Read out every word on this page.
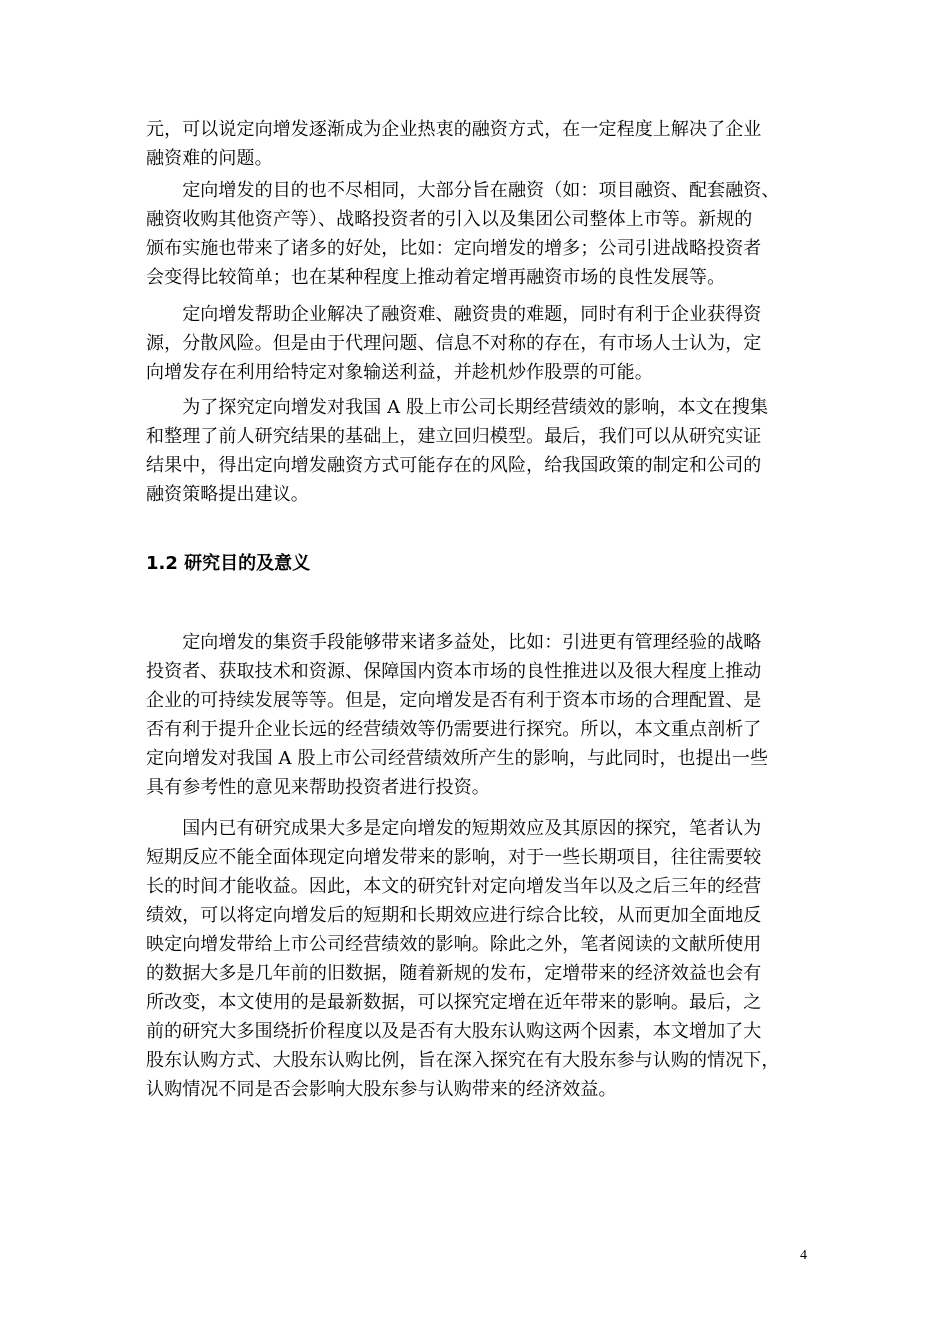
元，可以说定向增发逐渐成为企业热衷的融资方式，在一定程度上解决了企业
融资难的问题。
　　定向增发的目的也不尽相同，大部分旨在融资（如：项目融资、配套融资、
融资收购其他资产等）、战略投资者的引入以及集团公司整体上市等。新规的
颁布实施也带来了诸多的好处，比如：定向增发的增多；公司引进战略投资者
会变得比较简单；也在某种程度上推动着定增再融资市场的良性发展等。
　　定向增发帮助企业解决了融资难、融资贵的难题，同时有利于企业获得资
源，分散风险。但是由于代理问题、信息不对称的存在，有市场人士认为，定
向增发存在利用给特定对象输送利益，并趁机炒作股票的可能。
　　为了探究定向增发对我国 A 股上市公司长期经营绩效的影响，本文在搜集
和整理了前人研究结果的基础上，建立回归模型。最后，我们可以从研究实证
结果中，得出定向增发融资方式可能存在的风险，给我国政策的制定和公司的
融资策略提出建议。
1.2 研究目的及意义
　　定向增发的集资手段能够带来诸多益处，比如：引进更有管理经验的战略
投资者、获取技术和资源、保障国内资本市场的良性推进以及很大程度上推动
企业的可持续发展等等。但是，定向增发是否有利于资本市场的合理配置、是
否有利于提升企业长远的经营绩效等仍需要进行探究。所以，本文重点剖析了
定向增发对我国 A 股上市公司经营绩效所产生的影响，与此同时，也提出一些
具有参考性的意见来帮助投资者进行投资。
　　国内已有研究成果大多是定向增发的短期效应及其原因的探究，笔者认为
短期反应不能全面体现定向增发带来的影响，对于一些长期项目，往往需要较
长的时间才能收益。因此，本文的研究针对定向增发当年以及之后三年的经营
绩效，可以将定向增发后的短期和长期效应进行综合比较，从而更加全面地反
映定向增发带给上市公司经营绩效的影响。除此之外，笔者阅读的文献所使用
的数据大多是几年前的旧数据，随着新规的发布，定增带来的经济效益也会有
所改变，本文使用的是最新数据，可以探究定增在近年带来的影响。最后，之
前的研究大多围绕折价程度以及是否有大股东认购这两个因素，本文增加了大
股东认购方式、大股东认购比例，旨在深入探究在有大股东参与认购的情况下，
认购情况不同是否会影响大股东参与认购带来的经济效益。
4
